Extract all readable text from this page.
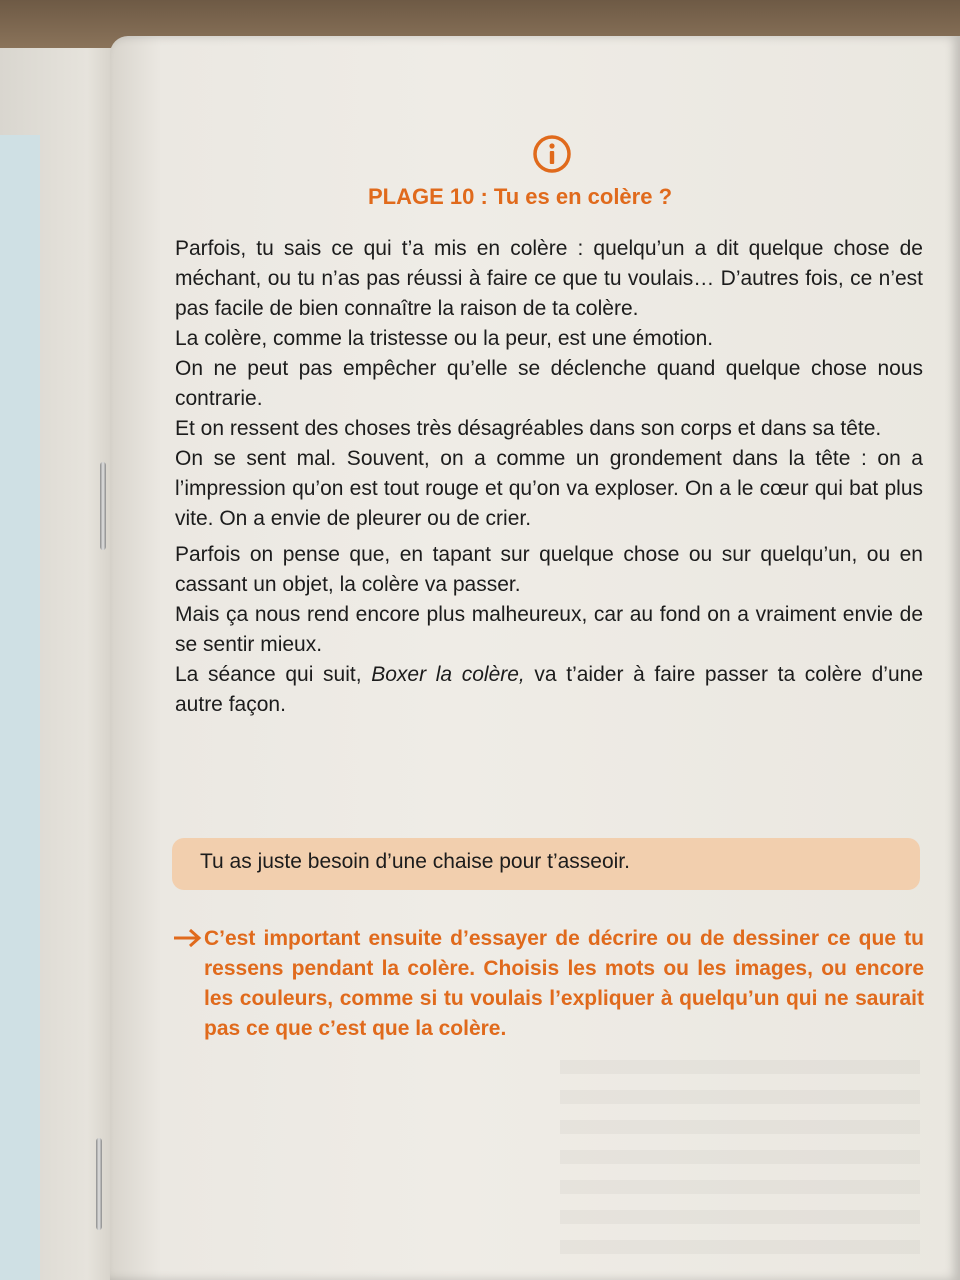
PLAGE 10 : Tu es en colère ?

Parfois, tu sais ce qui t’a mis en colère : quelqu’un a dit quelque chose de méchant, ou tu n’as pas réussi à faire ce que tu voulais… D’autres fois, ce n’est pas facile de bien connaître la raison de ta colère.

La colère, comme la tristesse ou la peur, est une émotion.

On ne peut pas empêcher qu’elle se déclenche quand quelque chose nous contrarie.

Et on ressent des choses très désagréables dans son corps et dans sa tête.

On se sent mal. Souvent, on a comme un grondement dans la tête : on a l’impression qu’on est tout rouge et qu’on va exploser. On a le cœur qui bat plus vite. On a envie de pleurer ou de crier.

Parfois on pense que, en tapant sur quelque chose ou sur quelqu’un, ou en cassant un objet, la colère va passer.

Mais ça nous rend encore plus malheureux, car au fond on a vraiment envie de se sentir mieux.

La séance qui suit, Boxer la colère, va t’aider à faire passer ta colère d’une autre façon.

Tu as juste besoin d’une chaise pour t’asseoir.
C’est important ensuite d’essayer de décrire ou de dessiner ce que tu ressens pendant la colère. Choisis les mots ou les images, ou encore les couleurs, comme si tu voulais l’expliquer à quelqu’un qui ne saurait pas ce que c’est que la colère.
